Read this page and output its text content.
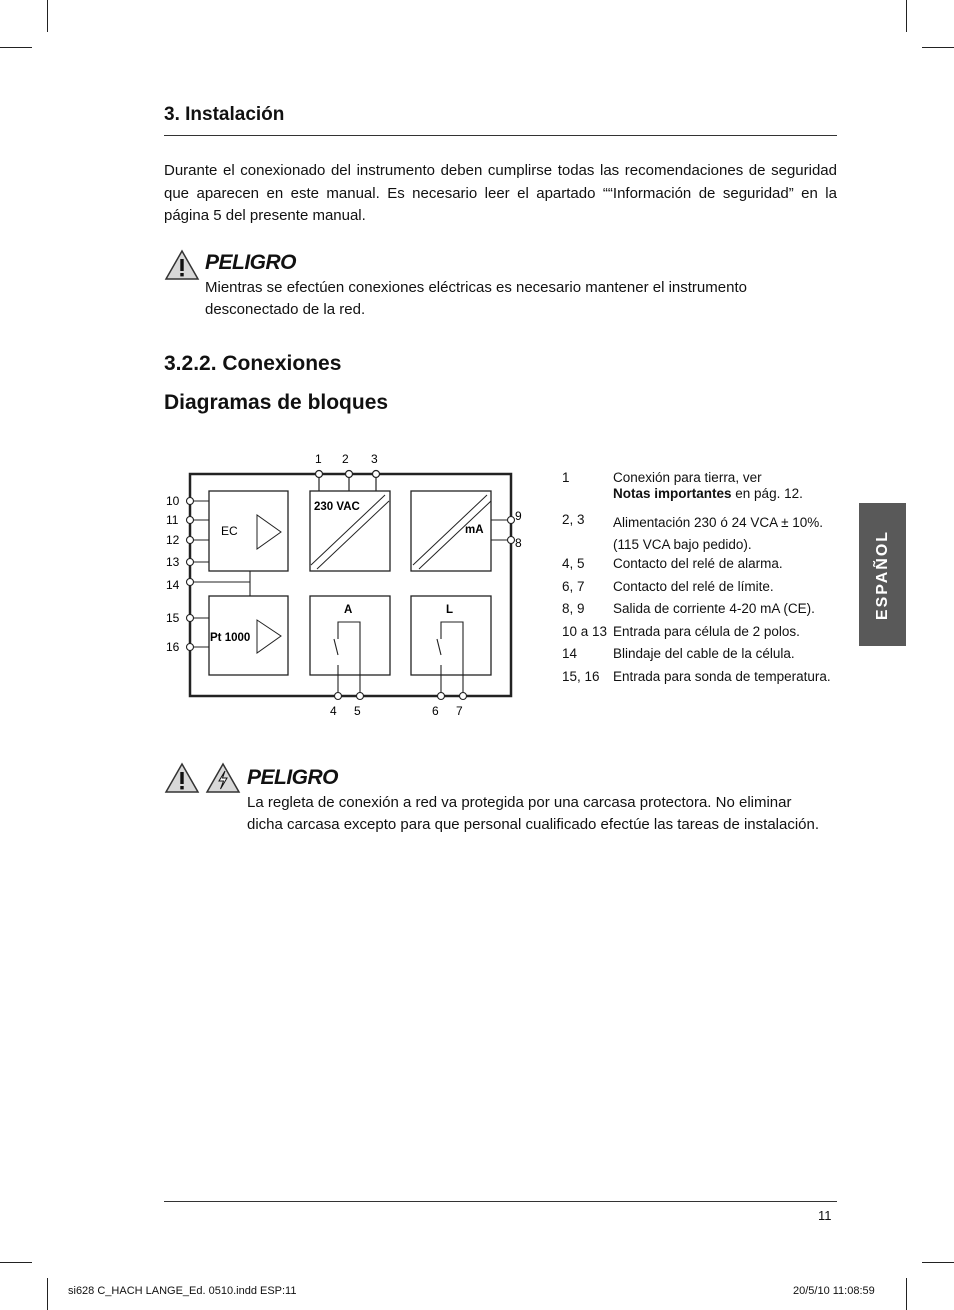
3. Instalación

Durante el conexionado del instrumento deben cumplirse todas las recomendaciones de seguridad que aparecen en este manual. Es necesario leer el apartado ““Información de seguridad” en la página 5 del presente manual.

PELIGRO

Mientras se efectúen conexiones eléctricas es necesario mantener el instrumento desconectado de la red.

3.2.2. Conexiones
Diagramas de bloques
1 2 3
EC
Pt 1000
10
11
12
13
14
15
16
230 VAC
mA
9
8
A	L
4 5	6 7
1	Conexión para tierra, ver
Notas importantes en pág. 12.
2, 3	Alimentación 230 ó 24 VCA ± 10%.
(115 VCA bajo pedido).
4, 5	Contacto del relé de alarma.
6, 7	Contacto del relé de límite.
8, 9	Salida de corriente 4-20 mA (CE).
10 a 13 Entrada para célula de 2 polos.
14	Blindaje del cable de la célula.
15, 16 Entrada para sonda de temperatura.
ESPAÑOL
PELIGRO

La regleta de conexión a red va protegida por una carcasa protectora. No eliminar dicha carcasa excepto para que personal cualificado efectúe las tareas de instalación.

11
si628 C_HACH LANGE_Ed. 0510.indd ESP:11	20/5/10 11:08:59
